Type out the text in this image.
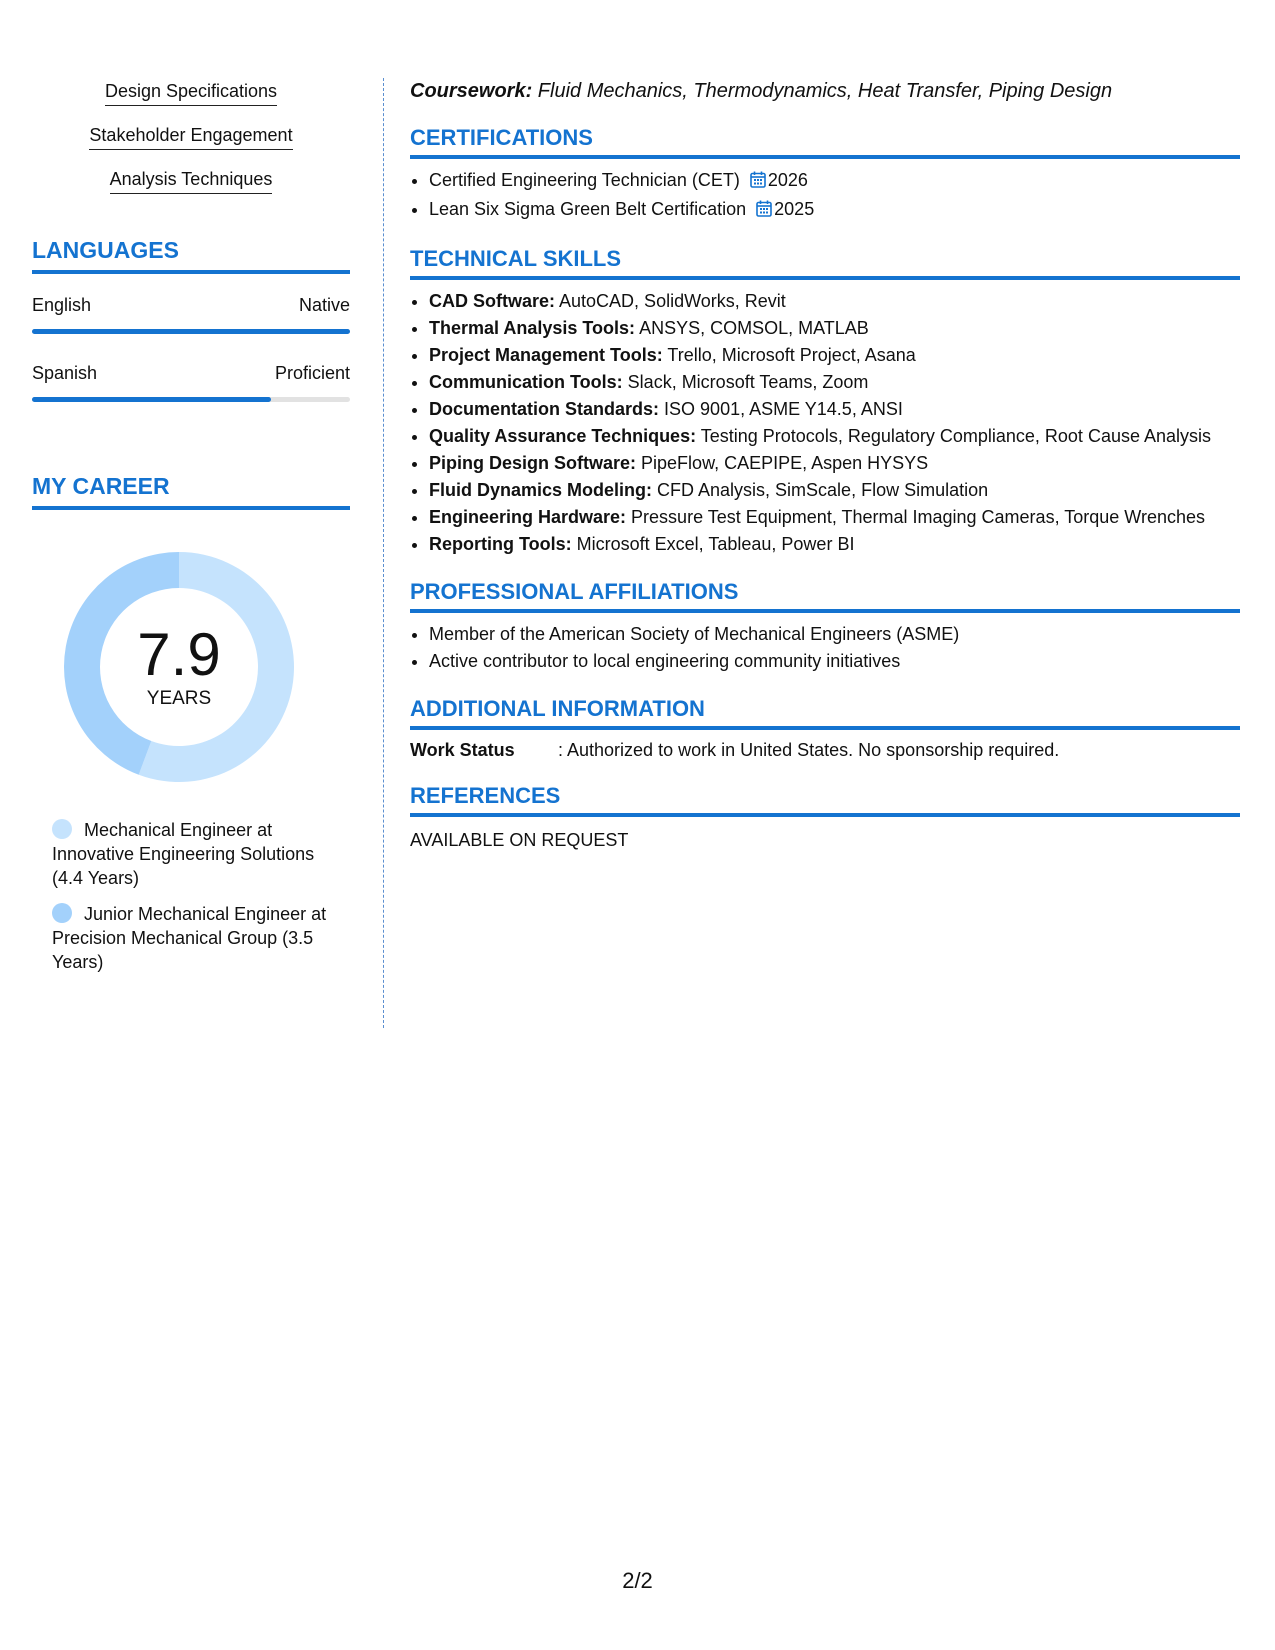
Design Specifications
Stakeholder Engagement
Analysis Techniques
LANGUAGES
English	Native
Spanish	Proficient
MY CAREER
7.9
YEARS
Mechanical Engineer at Innovative Engineering Solutions (4.4 Years)
Junior Mechanical Engineer at Precision Mechanical Group (3.5 Years)
Coursework: Fluid Mechanics, Thermodynamics, Heat Transfer, Piping Design
CERTIFICATIONS
• Certified Engineering Technician (CET) 2026
• Lean Six Sigma Green Belt Certification 2025
TECHNICAL SKILLS
• CAD Software: AutoCAD, SolidWorks, Revit
• Thermal Analysis Tools: ANSYS, COMSOL, MATLAB
• Project Management Tools: Trello, Microsoft Project, Asana
• Communication Tools: Slack, Microsoft Teams, Zoom
• Documentation Standards: ISO 9001, ASME Y14.5, ANSI
• Quality Assurance Techniques: Testing Protocols, Regulatory Compliance, Root Cause Analysis
• Piping Design Software: PipeFlow, CAEPIPE, Aspen HYSYS
• Fluid Dynamics Modeling: CFD Analysis, SimScale, Flow Simulation
• Engineering Hardware: Pressure Test Equipment, Thermal Imaging Cameras, Torque Wrenches
• Reporting Tools: Microsoft Excel, Tableau, Power BI
PROFESSIONAL AFFILIATIONS
• Member of the American Society of Mechanical Engineers (ASME)
• Active contributor to local engineering community initiatives
ADDITIONAL INFORMATION
Work Status : Authorized to work in United States. No sponsorship required.
REFERENCES
AVAILABLE ON REQUEST
2/2
